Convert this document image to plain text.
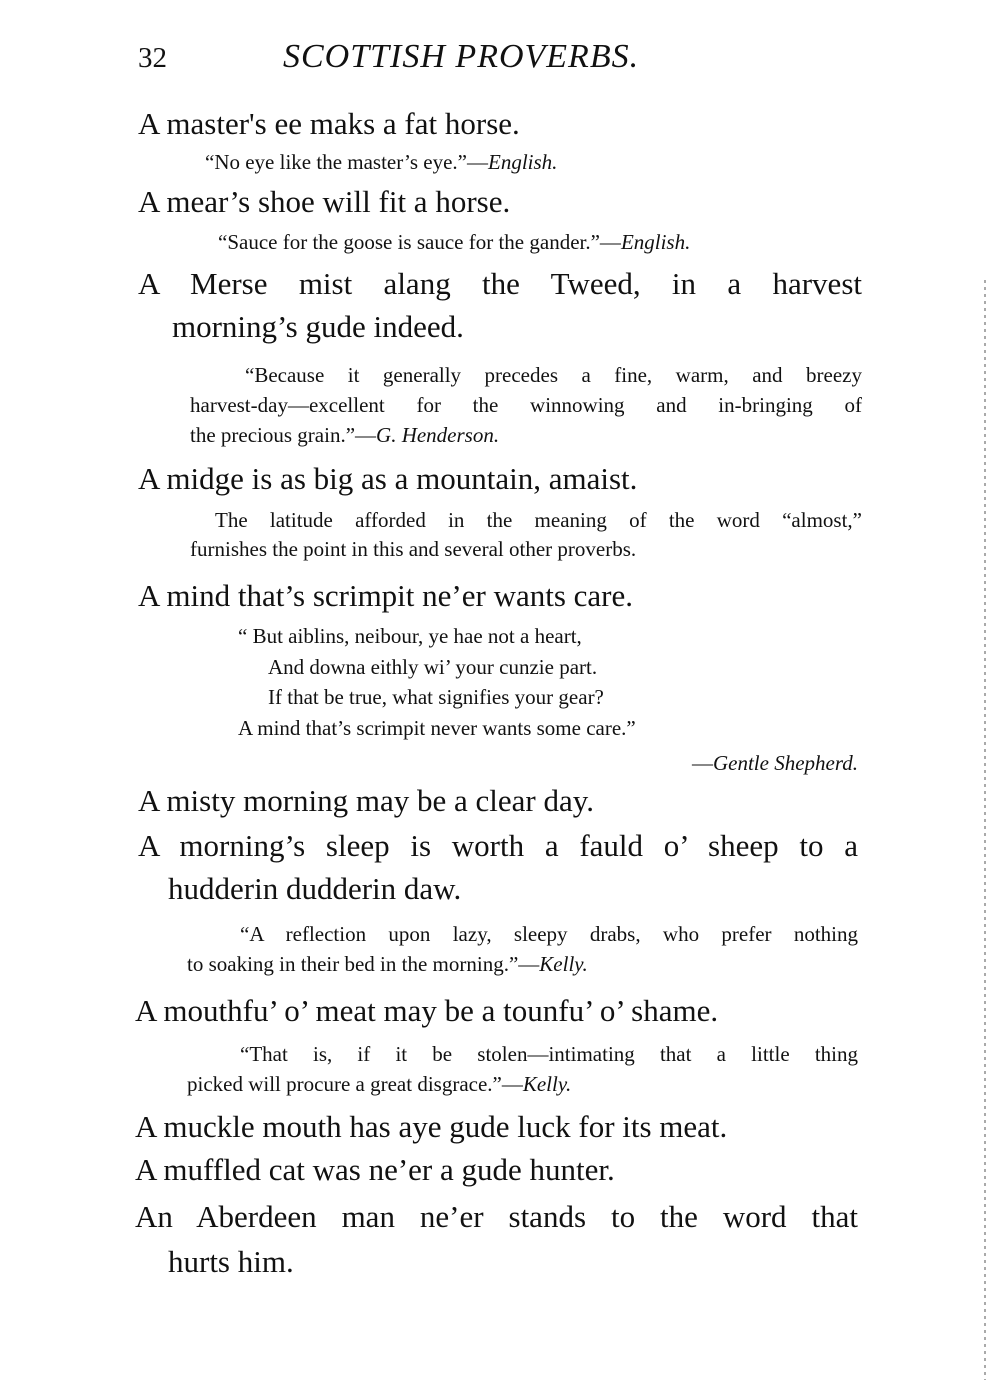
32	SCOTTISH PROVERBS.
A master's ee maks a fat horse.
“No eye like the master’s eye.”—English.
A mear’s shoe will fit a horse.
“Sauce for the goose is sauce for the gander.”—English.
A Merse mist alang the Tweed, in a harvest
morning’s gude indeed.
“Because it generally precedes a fine, warm, and breezy
harvest-day—excellent for the winnowing and in-bringing of
the precious grain.”—G. Henderson.
A midge is as big as a mountain, amaist.
The latitude afforded in the meaning of the word “almost,”
furnishes the point in this and several other proverbs.
A mind that’s scrimpit ne’er wants care.
“ But aiblins, neibour, ye hae not a heart,
And downa eithly wi’ your cunzie part.
If that be true, what signifies your gear?
A mind that’s scrimpit never wants some care.”
—Gentle Shepherd.
A misty morning may be a clear day.
A morning’s sleep is worth a fauld o’ sheep to a
hudderin dudderin daw.
“A reflection upon lazy, sleepy drabs, who prefer nothing
to soaking in their bed in the morning.”—Kelly.
A mouthfu’ o’ meat may be a tounfu’ o’ shame.
“That is, if it be stolen—intimating that a little thing
picked will procure a great disgrace.”—Kelly.
A muckle mouth has aye gude luck for its meat.
A muffled cat was ne’er a gude hunter.
An Aberdeen man ne’er stands to the word that
hurts him.
